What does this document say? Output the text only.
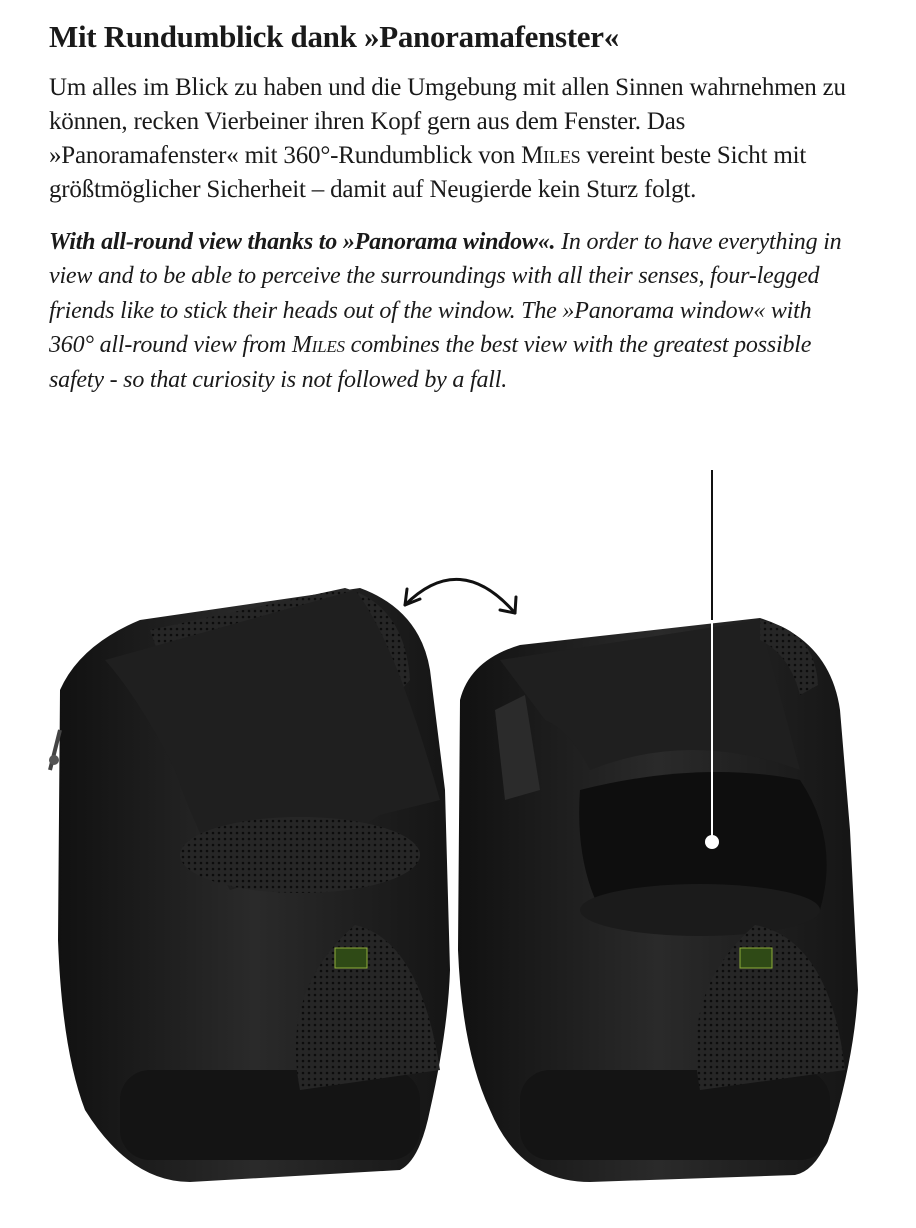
Mit Rundumblick dank »Panoramafenster«

Um alles im Blick zu haben und die Umgebung mit allen Sinnen wahrnehmen zu können, recken Vierbeiner ihren Kopf gern aus dem Fenster. Das »Panoramafenster« mit 360°-Rundumblick von Miles vereint beste Sicht mit größtmöglicher Sicherheit – damit auf Neugierde kein Sturz folgt.

With all-round view thanks to »Panorama window«. In order to have everything in view and to be able to perceive the surroundings with all their senses, four-legged friends like to stick their heads out of the window. The »Panorama window« with 360° all-round view from Miles combines the best view with the greatest possible safety - so that curiosity is not followed by a fall.
